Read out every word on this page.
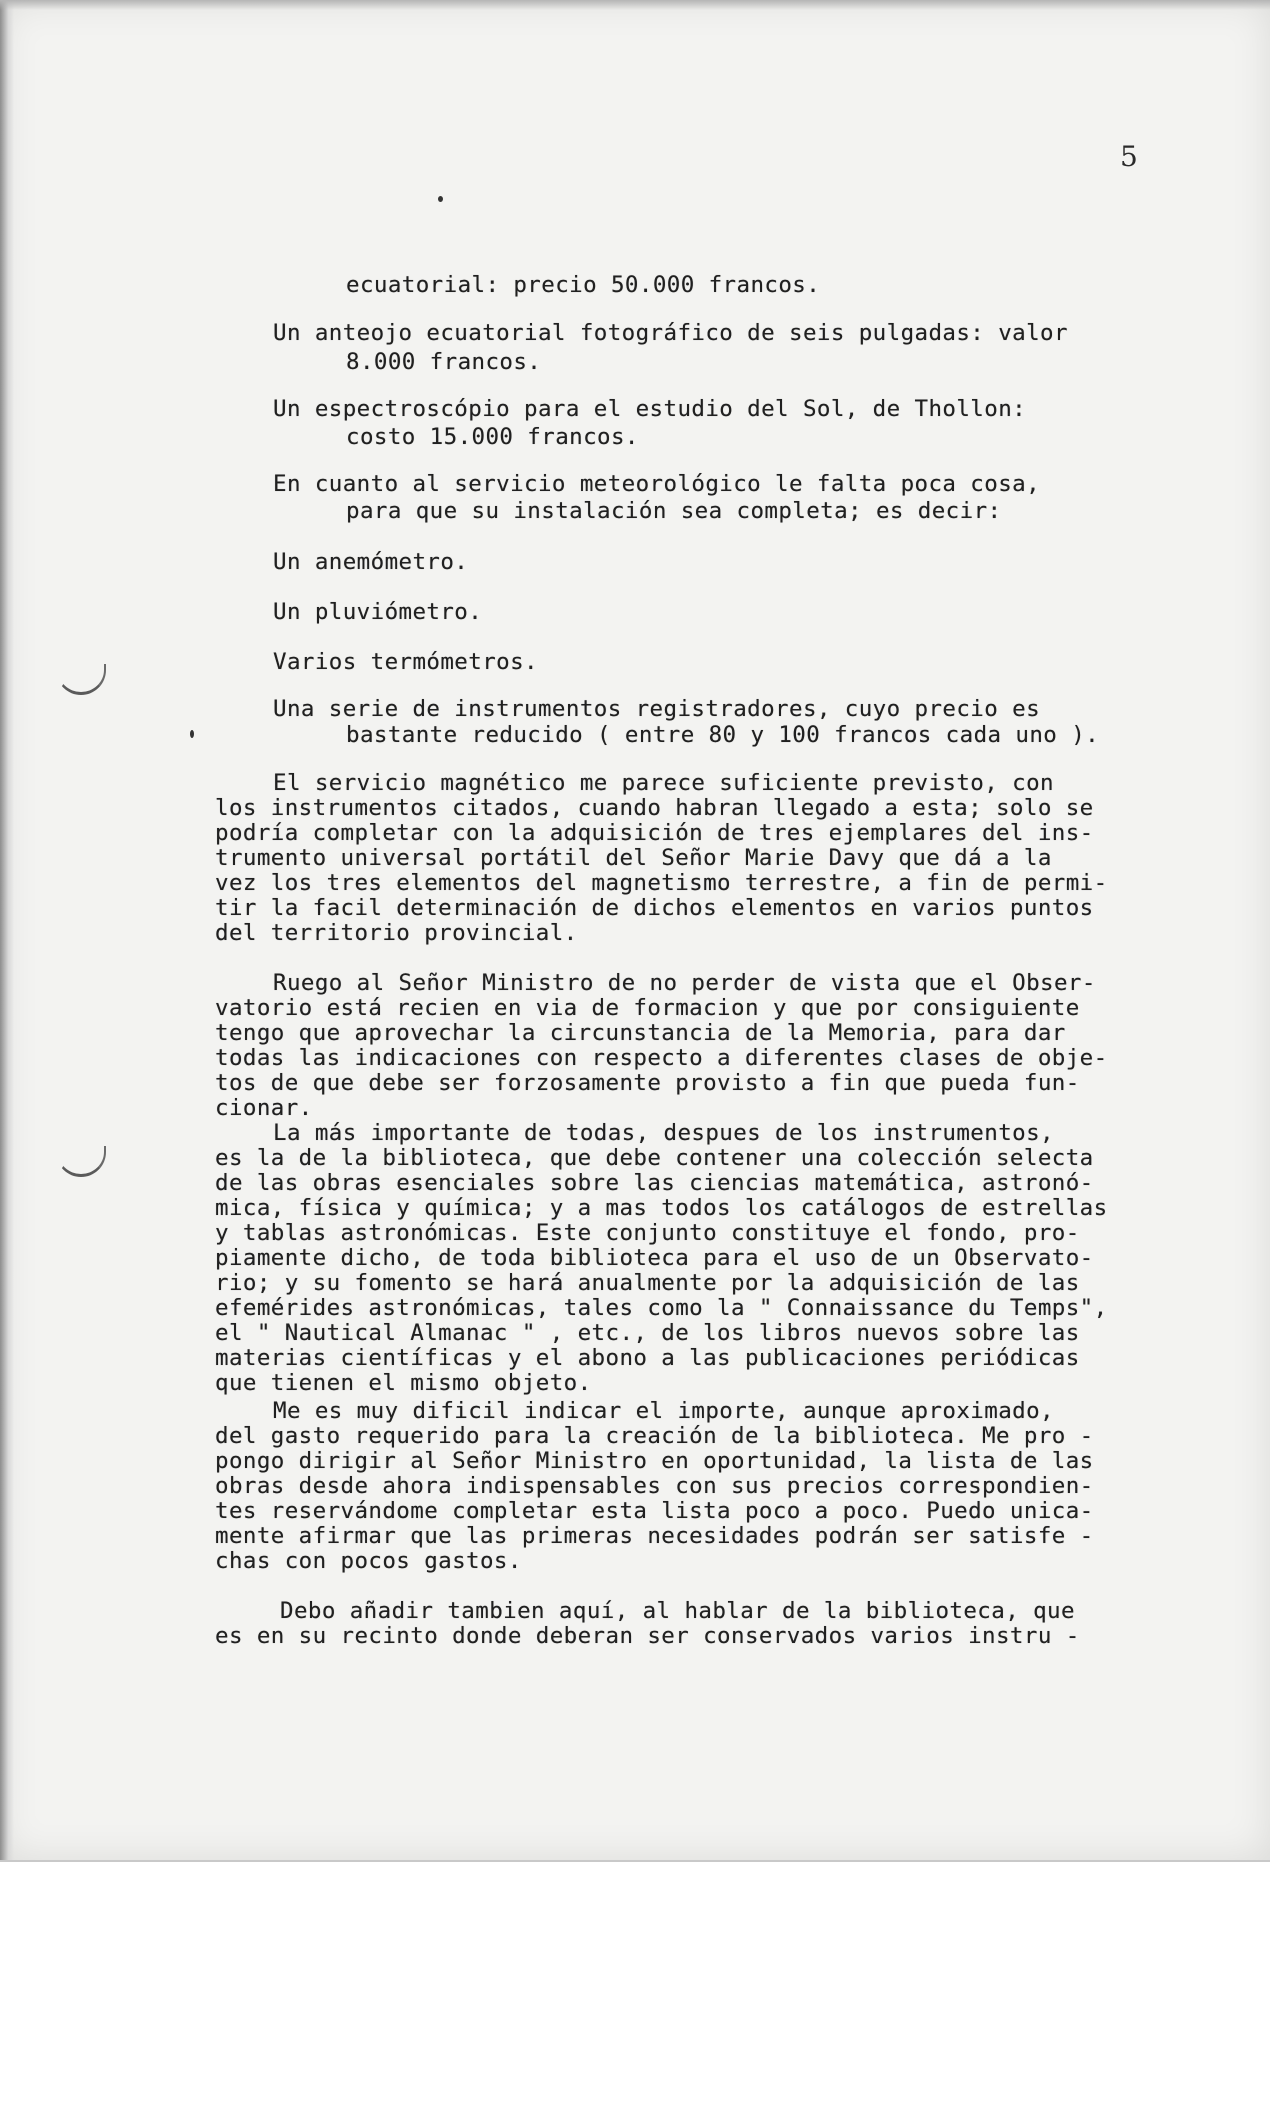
5
ecuatorial: precio 50.000 francos.
Un anteojo ecuatorial fotográfico de seis pulgadas: valor
8.000 francos.
Un espectroscópio para el estudio del Sol, de Thollon:
costo 15.000 francos.
En cuanto al servicio meteorológico le falta poca cosa,
para que su instalación sea completa; es decir:
Un anemómetro.
Un pluviómetro.
Varios termómetros.
Una serie de instrumentos registradores, cuyo precio es
bastante reducido ( entre 80 y 100 francos cada uno ).
El servicio magnético me parece suficiente previsto, con
los instrumentos citados, cuando habran llegado a esta; solo se
podría completar con la adquisición de tres ejemplares del ins-
trumento universal portátil del Señor Marie Davy que dá a la
vez los tres elementos del magnetismo terrestre, a fin de permi-
tir la facil determinación de dichos elementos en varios puntos
del territorio provincial.
Ruego al Señor Ministro de no perder de vista que el Obser-
vatorio está recien en via de formacion y que por consiguiente
tengo que aprovechar la circunstancia de la Memoria, para dar
todas las indicaciones con respecto a diferentes clases de obje-
tos de que debe ser forzosamente provisto a fin que pueda fun-
cionar.
La más importante de todas, despues de los instrumentos,
es la de la biblioteca, que debe contener una colección selecta
de las obras esenciales sobre las ciencias matemática, astronó-
mica, física y química; y a mas todos los catálogos de estrellas
y tablas astronómicas. Este conjunto constituye el fondo, pro-
piamente dicho, de toda biblioteca para el uso de un Observato-
rio; y su fomento se hará anualmente por la adquisición de las
efemérides astronómicas, tales como la " Connaissance du Temps",
el " Nautical Almanac " , etc., de los libros nuevos sobre las
materias científicas y el abono a las publicaciones periódicas
que tienen el mismo objeto.
Me es muy dificil indicar el importe, aunque aproximado,
del gasto requerido para la creación de la biblioteca. Me pro -
pongo dirigir al Señor Ministro en oportunidad, la lista de las
obras desde ahora indispensables con sus precios correspondien-
tes reservándome completar esta lista poco a poco. Puedo unica-
mente afirmar que las primeras necesidades podrán ser satisfe -
chas con pocos gastos.
Debo añadir tambien aquí, al hablar de la biblioteca, que
es en su recinto donde deberan ser conservados varios instru -
